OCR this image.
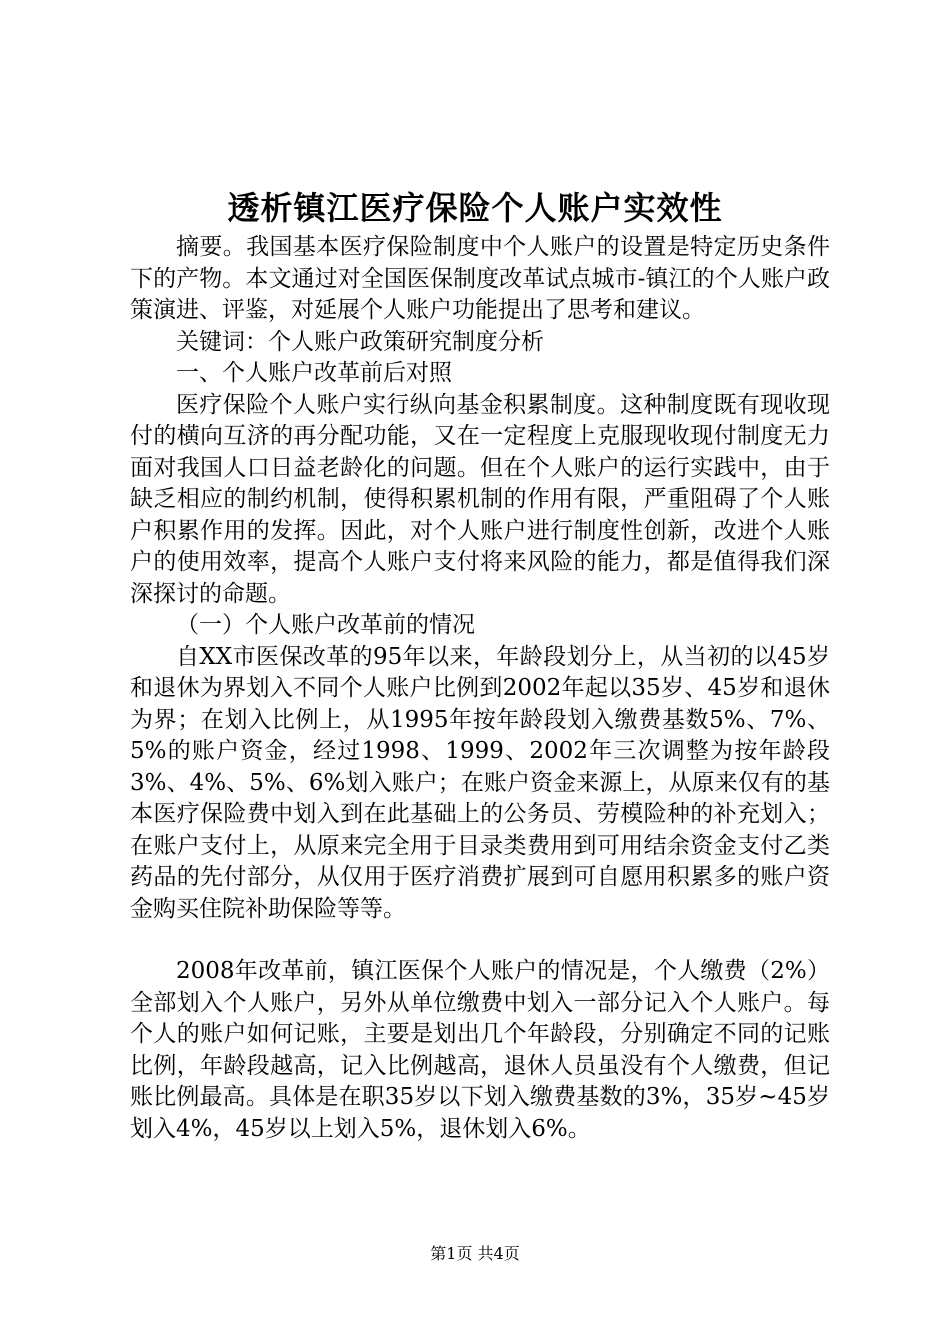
透析镇江医疗保险个人账户实效性

摘要。我国基本医疗保险制度中个人账户的设置是特定历史条件下的产物。本文通过对全国医保制度改革试点城市-镇江的个人账户政策演进、评鉴，对延展个人账户功能提出了思考和建议。

关键词：个人账户政策研究制度分析

一、个人账户改革前后对照

医疗保险个人账户实行纵向基金积累制度。这种制度既有现收现付的横向互济的再分配功能，又在一定程度上克服现收现付制度无力面对我国人口日益老龄化的问题。但在个人账户的运行实践中，由于缺乏相应的制约机制，使得积累机制的作用有限，严重阻碍了个人账户积累作用的发挥。因此，对个人账户进行制度性创新，改进个人账户的使用效率，提高个人账户支付将来风险的能力，都是值得我们深深探讨的命题。

（一）个人账户改革前的情况

自XX市医保改革的95年以来，年龄段划分上，从当初的以45岁和退休为界划入不同个人账户比例到2002年起以35岁、45岁和退休为界；在划入比例上，从1995年按年龄段划入缴费基数5%、7%、5%的账户资金，经过1998、1999、2002年三次调整为按年龄段3%、4%、5%、6%划入账户；在账户资金来源上，从原来仅有的基本医疗保险费中划入到在此基础上的公务员、劳模险种的补充划入；在账户支付上，从原来完全用于目录类费用到可用结余资金支付乙类药品的先付部分，从仅用于医疗消费扩展到可自愿用积累多的账户资金购买住院补助保险等等。

2008年改革前，镇江医保个人账户的情况是，个人缴费（2%）全部划入个人账户，另外从单位缴费中划入一部分记入个人账户。每个人的账户如何记账，主要是划出几个年龄段，分别确定不同的记账比例，年龄段越高，记入比例越高，退休人员虽没有个人缴费，但记账比例最高。具体是在职35岁以下划入缴费基数的3%，35岁~45岁划入4%，45岁以上划入5%，退休划入6%。

第1页 共4页
